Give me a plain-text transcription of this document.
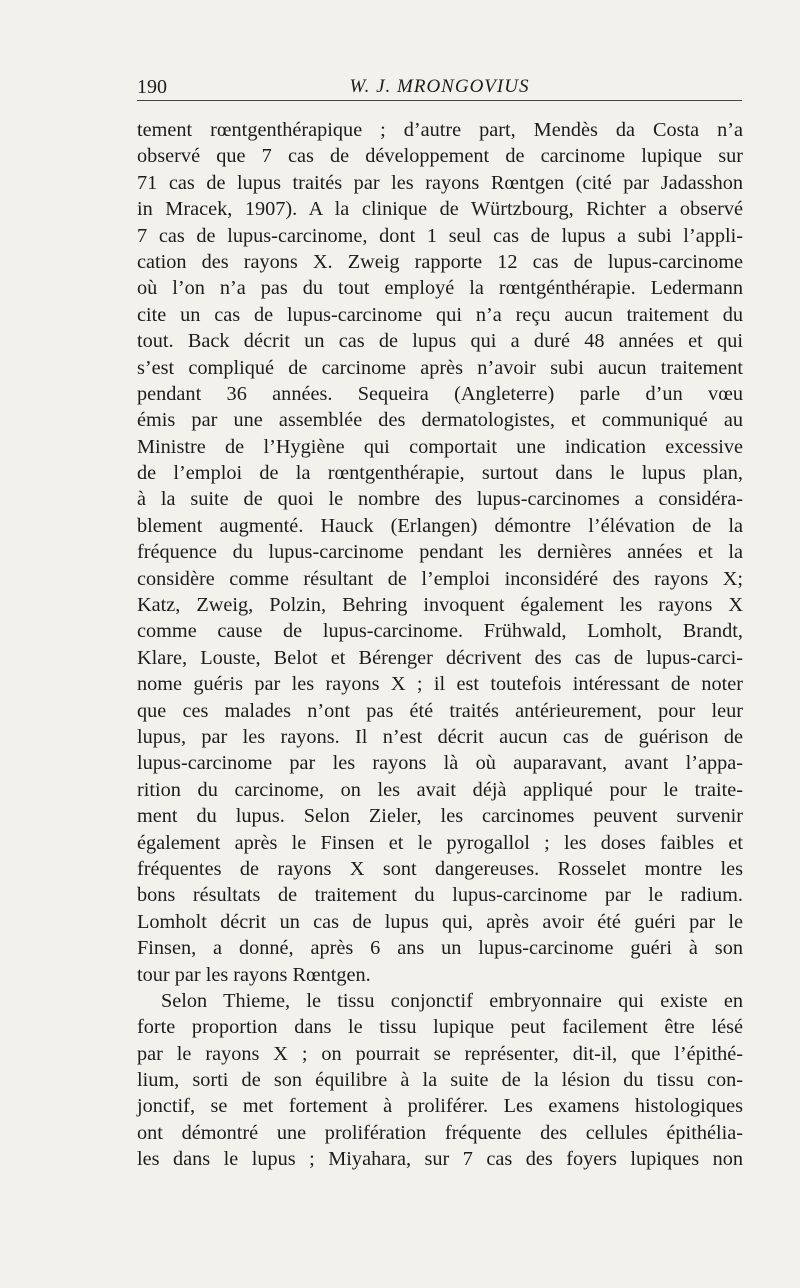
190	W. J. MRONGOVIUS
tement rœntgenthérapique ; d’autre part, Mendès da Costa n’a
observé que 7 cas de développement de carcinome lupique sur
71 cas de lupus traités par les rayons Rœntgen (cité par Jadasshon
in Mracek, 1907). A la clinique de Würtzbourg, Richter a observé
7 cas de lupus-carcinome, dont 1 seul cas de lupus a subi l’appli-
cation des rayons X. Zweig rapporte 12 cas de lupus-carcinome
où l’on n’a pas du tout employé la rœntgénthérapie. Ledermann
cite un cas de lupus-carcinome qui n’a reçu aucun traitement du
tout. Back décrit un cas de lupus qui a duré 48 années et qui
s’est compliqué de carcinome après n’avoir subi aucun traitement
pendant 36 années. Sequeira (Angleterre) parle d’un vœu
émis par une assemblée des dermatologistes, et communiqué au
Ministre de l’Hygiène qui comportait une indication excessive
de l’emploi de la rœntgenthérapie, surtout dans le lupus plan,
à la suite de quoi le nombre des lupus-carcinomes a considéra-
blement augmenté. Hauck (Erlangen) démontre l’élévation de la
fréquence du lupus-carcinome pendant les dernières années et la
considère comme résultant de l’emploi inconsidéré des rayons X;
Katz, Zweig, Polzin, Behring invoquent également les rayons X
comme cause de lupus-carcinome. Frühwald, Lomholt, Brandt,
Klare, Louste, Belot et Bérenger décrivent des cas de lupus-carci-
nome guéris par les rayons X ; il est toutefois intéressant de noter
que ces malades n’ont pas été traités antérieurement, pour leur
lupus, par les rayons. Il n’est décrit aucun cas de guérison de
lupus-carcinome par les rayons là où auparavant, avant l’appa-
rition du carcinome, on les avait déjà appliqué pour le traite-
ment du lupus. Selon Zieler, les carcinomes peuvent survenir
également après le Finsen et le pyrogallol ; les doses faibles et
fréquentes de rayons X sont dangereuses. Rosselet montre les
bons résultats de traitement du lupus-carcinome par le radium.
Lomholt décrit un cas de lupus qui, après avoir été guéri par le
Finsen, a donné, après 6 ans un lupus-carcinome guéri à son
tour par les rayons Rœntgen.
Selon Thieme, le tissu conjonctif embryonnaire qui existe en
forte proportion dans le tissu lupique peut facilement être lésé
par le rayons X ; on pourrait se représenter, dit-il, que l’épithé-
lium, sorti de son équilibre à la suite de la lésion du tissu con-
jonctif, se met fortement à proliférer. Les examens histologiques
ont démontré une prolifération fréquente des cellules épithélia-
les dans le lupus ; Miyahara, sur 7 cas des foyers lupiques non
